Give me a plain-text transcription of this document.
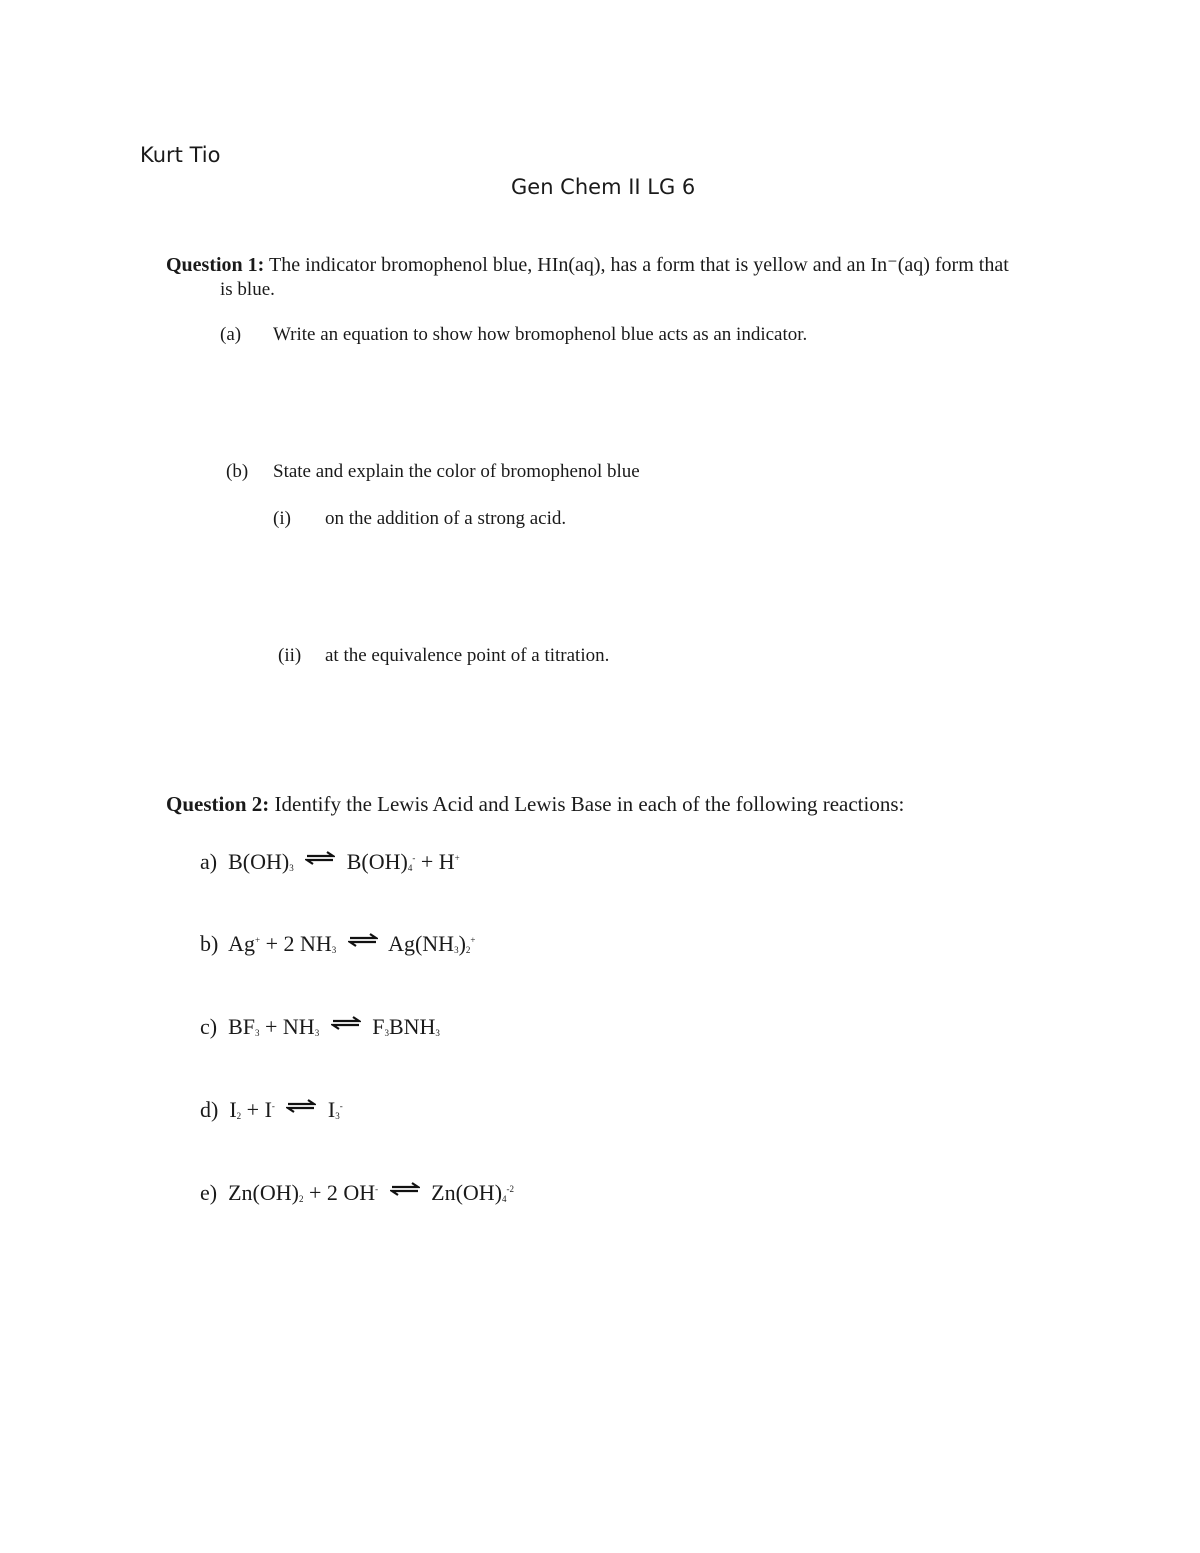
Kurt Tio
Gen Chem II LG 6
Question 1: The indicator bromophenol blue, HIn(aq), has a form that is yellow and an In⁻(aq) form that
is blue.
(a) Write an equation to show how bromophenol blue acts as an indicator.
(b) State and explain the color of bromophenol blue
(i) on the addition of a strong acid.
(ii) at the equivalence point of a titration.
Question 2: Identify the Lewis Acid and Lewis Base in each of the following reactions:
a) $B(OH)_3$ ⇌ $B(OH)_4^- + H^+$
b) Ag+ + 2 $NH_3$ ⇌ $Ag(NH_3)_2^+$
c) $BF_3 + NH_3$ ⇌ $F_3BNH_3$
d) $I_2 + I^-$ ⇌ $I_3^-$
e) $Zn(OH)_2 + 2$ OH- ⇌ $Zn(OH)_4^{-2}$
